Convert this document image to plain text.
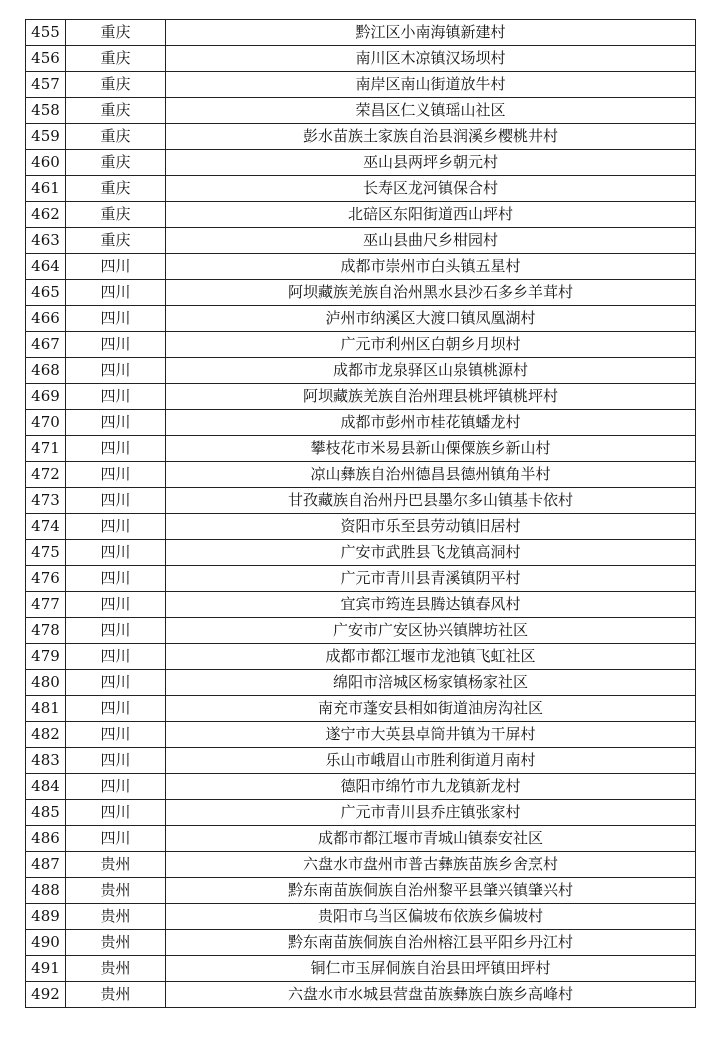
455	重庆	黔江区小南海镇新建村
456	重庆	南川区木凉镇汉场坝村
457	重庆	南岸区南山街道放牛村
458	重庆	荣昌区仁义镇瑶山社区
459	重庆	彭水苗族土家族自治县润溪乡樱桃井村
460	重庆	巫山县两坪乡朝元村
461	重庆	长寿区龙河镇保合村
462	重庆	北碚区东阳街道西山坪村
463	重庆	巫山县曲尺乡柑园村
464	四川	成都市崇州市白头镇五星村
465	四川	阿坝藏族羌族自治州黑水县沙石多乡羊茸村
466	四川	泸州市纳溪区大渡口镇凤凰湖村
467	四川	广元市利州区白朝乡月坝村
468	四川	成都市龙泉驿区山泉镇桃源村
469	四川	阿坝藏族羌族自治州理县桃坪镇桃坪村
470	四川	成都市彭州市桂花镇蟠龙村
471	四川	攀枝花市米易县新山傈僳族乡新山村
472	四川	凉山彝族自治州德昌县德州镇角半村
473	四川	甘孜藏族自治州丹巴县墨尔多山镇基卡依村
474	四川	资阳市乐至县劳动镇旧居村
475	四川	广安市武胜县飞龙镇高洞村
476	四川	广元市青川县青溪镇阴平村
477	四川	宜宾市筠连县腾达镇春风村
478	四川	广安市广安区协兴镇牌坊社区
479	四川	成都市都江堰市龙池镇飞虹社区
480	四川	绵阳市涪城区杨家镇杨家社区
481	四川	南充市蓬安县相如街道油房沟社区
482	四川	遂宁市大英县卓筒井镇为干屏村
483	四川	乐山市峨眉山市胜利街道月南村
484	四川	德阳市绵竹市九龙镇新龙村
485	四川	广元市青川县乔庄镇张家村
486	四川	成都市都江堰市青城山镇泰安社区
487	贵州	六盘水市盘州市普古彝族苗族乡舍烹村
488	贵州	黔东南苗族侗族自治州黎平县肇兴镇肇兴村
489	贵州	贵阳市乌当区偏坡布依族乡偏坡村
490	贵州	黔东南苗族侗族自治州榕江县平阳乡丹江村
491	贵州	铜仁市玉屏侗族自治县田坪镇田坪村
492	贵州	六盘水市水城县营盘苗族彝族白族乡高峰村
